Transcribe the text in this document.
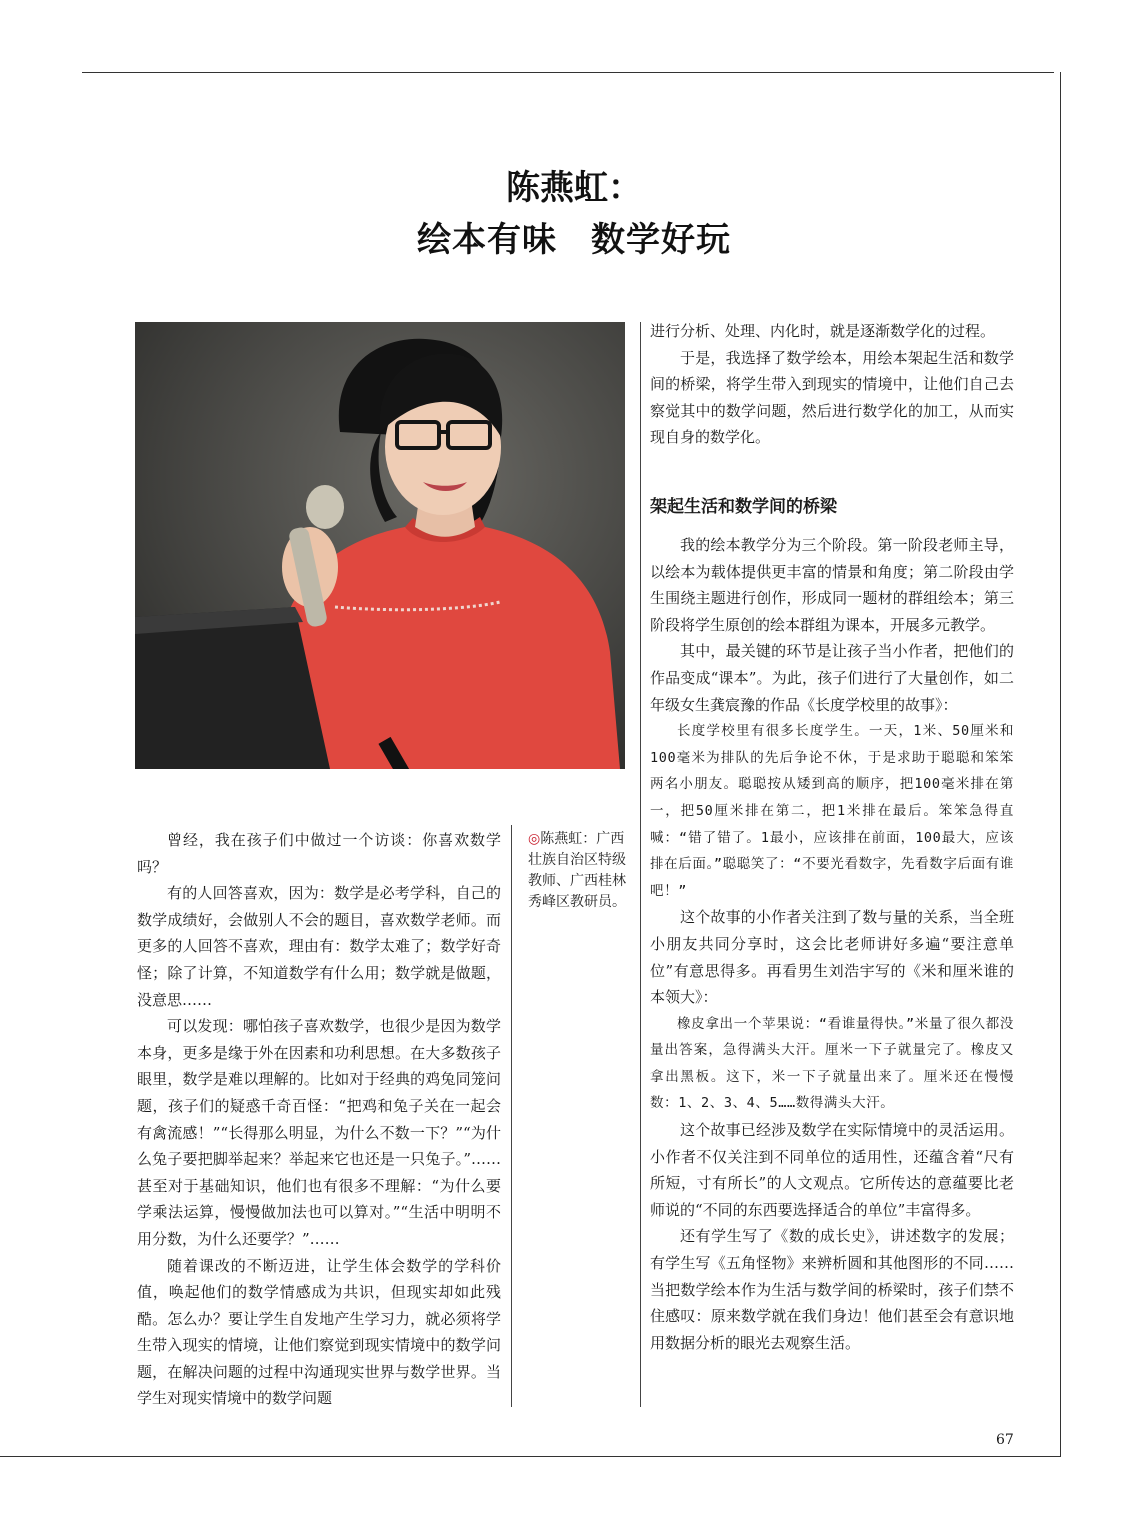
陈燕虹：
绘本有味 数学好玩

曾经，我在孩子们中做过一个访谈：你喜欢数学吗？

有的人回答喜欢，因为：数学是必考学科，自己的数学成绩好，会做别人不会的题目，喜欢数学老师。而更多的人回答不喜欢，理由有：数学太难了；数学好奇怪；除了计算，不知道数学有什么用；数学就是做题，没意思……

可以发现：哪怕孩子喜欢数学，也很少是因为数学本身，更多是缘于外在因素和功利思想。在大多数孩子眼里，数学是难以理解的。比如对于经典的鸡兔同笼问题，孩子们的疑惑千奇百怪：“把鸡和兔子关在一起会有禽流感！”“长得那么明显，为什么不数一下？”“为什么兔子要把脚举起来？举起来它也还是一只兔子。”……甚至对于基础知识，他们也有很多不理解：“为什么要学乘法运算，慢慢做加法也可以算对。”“生活中明明不用分数，为什么还要学？”……

随着课改的不断迈进，让学生体会数学的学科价值，唤起他们的数学情感成为共识，但现实却如此残酷。怎么办？要让学生自发地产生学习力，就必须将学生带入现实的情境，让他们察觉到现实情境中的数学问题，在解决问题的过程中沟通现实世界与数学世界。当学生对现实情境中的数学问题

◎陈燕虹：广西壮族自治区特级教师、广西桂林秀峰区教研员。

进行分析、处理、内化时，就是逐渐数学化的过程。

于是，我选择了数学绘本，用绘本架起生活和数学间的桥梁，将学生带入到现实的情境中，让他们自己去察觉其中的数学问题，然后进行数学化的加工，从而实现自身的数学化。

架起生活和数学间的桥梁

我的绘本教学分为三个阶段。第一阶段老师主导，以绘本为载体提供更丰富的情景和角度；第二阶段由学生围绕主题进行创作，形成同一题材的群组绘本；第三阶段将学生原创的绘本群组为课本，开展多元教学。

其中，最关键的环节是让孩子当小作者，把他们的作品变成“课本”。为此，孩子们进行了大量创作，如二年级女生龚宸豫的作品《长度学校里的故事》：

长度学校里有很多长度学生。一天，1米、50厘米和100毫米为排队的先后争论不休，于是求助于聪聪和笨笨两名小朋友。聪聪按从矮到高的顺序，把100毫米排在第一，把50厘米排在第二，把1米排在最后。笨笨急得直喊：“错了错了。1最小，应该排在前面，100最大，应该排在后面。”聪聪笑了：“不要光看数字，先看数字后面有谁吧！”

这个故事的小作者关注到了数与量的关系，当全班小朋友共同分享时，这会比老师讲好多遍“要注意单位”有意思得多。再看男生刘浩宇写的《米和厘米谁的本领大》：

橡皮拿出一个苹果说：“看谁量得快。”米量了很久都没量出答案，急得满头大汗。厘米一下子就量完了。橡皮又拿出黑板。这下，米一下子就量出来了。厘米还在慢慢数：1、2、3、4、5……数得满头大汗。

这个故事已经涉及数学在实际情境中的灵活运用。小作者不仅关注到不同单位的适用性，还蕴含着“尺有所短，寸有所长”的人文观点。它所传达的意蕴要比老师说的“不同的东西要选择适合的单位”丰富得多。

还有学生写了《数的成长史》，讲述数字的发展；有学生写《五角怪物》来辨析圆和其他图形的不同……当把数学绘本作为生活与数学间的桥梁时，孩子们禁不住感叹：原来数学就在我们身边！他们甚至会有意识地用数据分析的眼光去观察生活。

67
